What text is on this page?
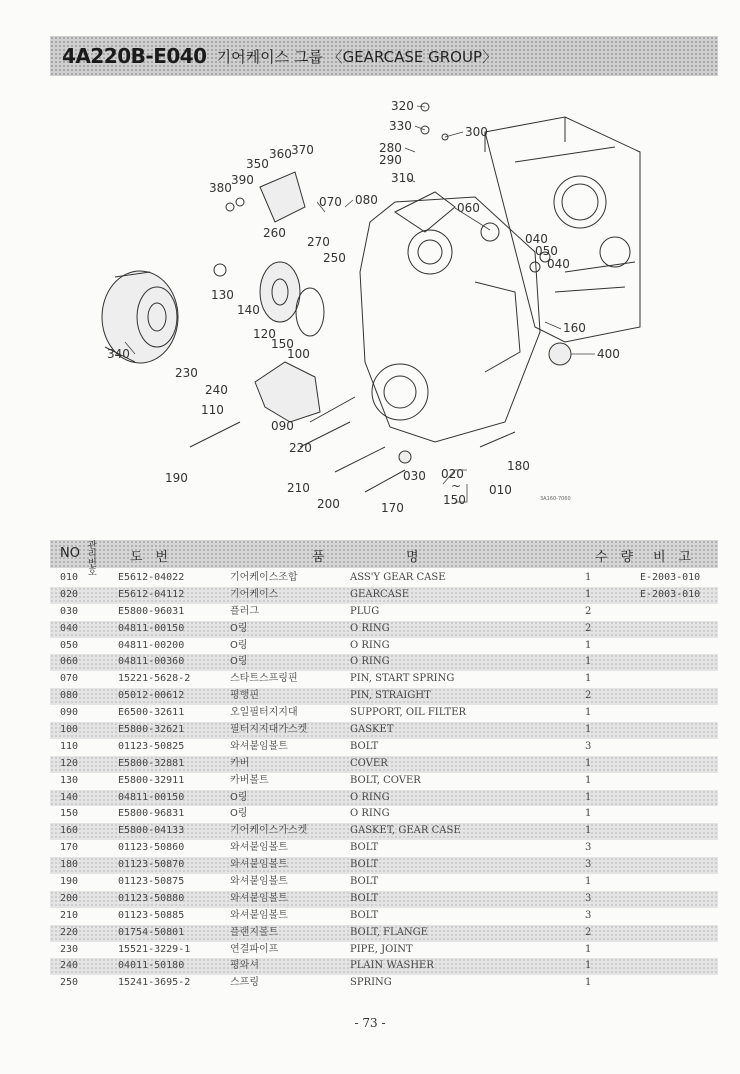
4A220B-E040 기어케이스 그룹 〈GEARCASE GROUP〉
320
330	300
280
290
310
370
360
350
390
380
070 080
060
260
270
250
040
050
040
130
140
160
120
150
100
340	400
230
240
110
090
220
180
190	030 020
~
150
010
210
200	170
3A160-7060
NO 관리
번호
도　번	품	명	수　량 비　고
010	E5612-04022	기어케이스조합	ASS'Y GEAR CASE	1	E-2003-010
020	E5612-04112	기어케이스	GEARCASE	1	E-2003-010
030	E5800-96031	플러그	PLUG	2
040	04811-00150	O링	O RING	2
050	04811-00200	O링	O RING	1
060	04811-00360	O링	O RING	1
070	15221-5628-2	스타트스프링핀	PIN, START SPRING	1
080	05012-00612	평행핀	PIN, STRAIGHT	2
090	E6500-32611	오일필터지지대	SUPPORT, OIL FILTER	1
100	E5800-32621	필터지지대가스켓	GASKET	1
110	01123-50825	와셔붙임볼트	BOLT	3
120	E5800-32881	카버	COVER	1
130	E5800-32911	카버볼트	BOLT, COVER	1
140	04811-00150	O링	O RING	1
150	E5800-96831	O링	O RING	1
160	E5800-04133	기어케이스가스켓	GASKET, GEAR CASE	1
170	01123-50860	와셔붙임볼트	BOLT	3
180	01123-50870	와셔붙임볼트	BOLT	3
190	01123-50875	와셔붙임볼트	BOLT	1
200	01123-50880	와셔붙임볼트	BOLT	3
210	01123-50885	와셔붙임볼트	BOLT	3
220	01754-50801	플랜지볼트	BOLT, FLANGE	2
230	15521-3229-1	연결파이프	PIPE, JOINT	1
240	04011-50180	평와셔	PLAIN WASHER	1
250	15241-3695-2	스프링	SPRING	1
- 73 -
